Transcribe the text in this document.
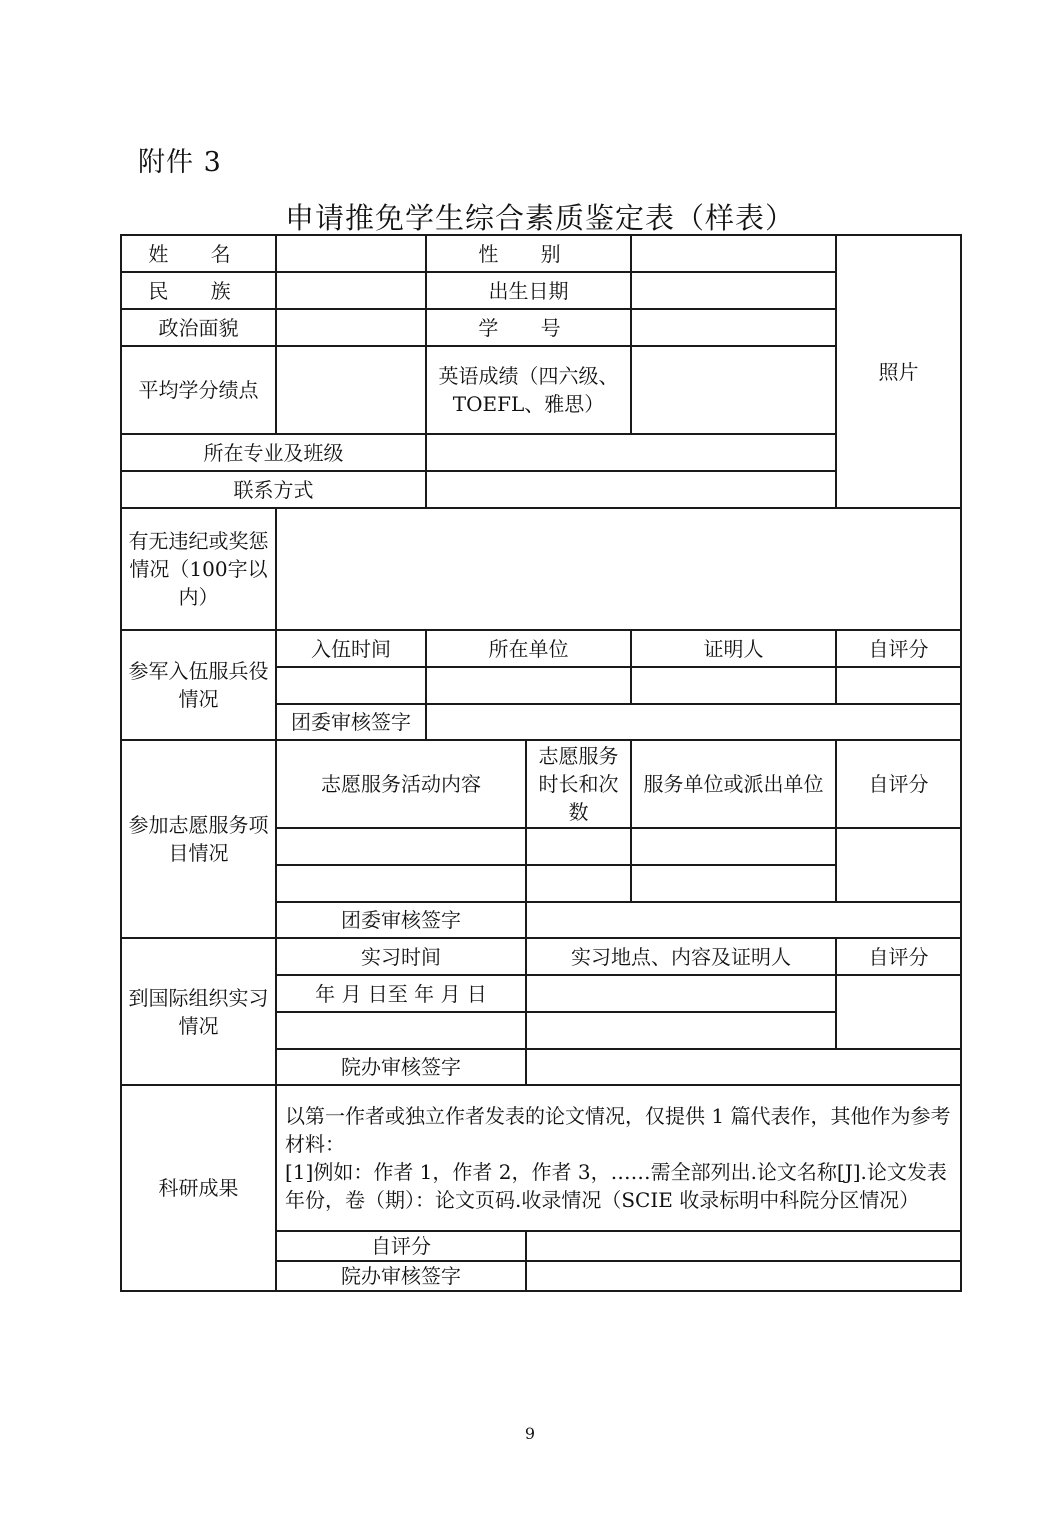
附件 3
申请推免学生综合素质鉴定表（样表）
姓 名		性 别			照片
民 族		出生日期			
政治面貌		学 号			
平均学分绩点		英语成绩（四六级、TOEFL、雅思）			
所在专业及班级					
联系方式					
有无违纪或奖惩情况（100字以内）					
参军入伍服兵役情况	入伍时间	所在单位		证明人	自评分

	团委审核签字				
参加志愿服务项目情况	志愿服务活动内容		志愿服务时长和次数	服务单位或派出单位	自评分

	团委审核签字				
到国际组织实习情况	实习时间		实习地点、内容及证明人		自评分
	年 月 日至 年 月 日				

	院办审核签字				
科研成果	以第一作者或独立作者发表的论文情况，仅提供 1 篇代表作，其他作为参考材料：
[1]例如：作者 1，作者 2，作者 3，……需全部列出.论文名称[J].论文发表年份，卷（期）：论文页码.收录情况（SCIE 收录标明中科院分区情况）				

	自评分				
	院办审核签字				
9
